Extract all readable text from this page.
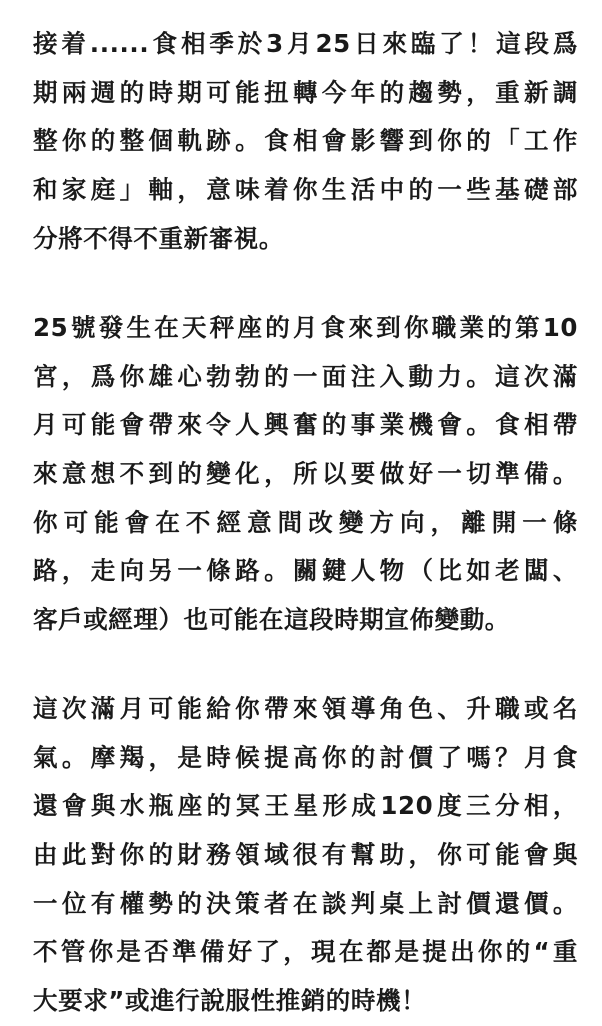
接着......食相季於3月25日來臨了！這段爲
期兩週的時期可能扭轉今年的趨勢，重新調
整你的整個軌跡。食相會影響到你的「工作
和家庭」軸，意味着你生活中的一些基礎部
分將不得不重新審視。
25號發生在天秤座的月食來到你職業的第10
宮，爲你雄心勃勃的一面注入動力。這次滿
月可能會帶來令人興奮的事業機會。食相帶
來意想不到的變化，所以要做好一切準備。
你可能會在不經意間改變方向，離開一條
路，走向另一條路。關鍵人物（比如老闆、
客戶或經理）也可能在這段時期宣佈變動。
這次滿月可能給你帶來領導角色、升職或名
氣。摩羯，是時候提高你的討價了嗎？月食
還會與水瓶座的冥王星形成120度三分相，
由此對你的財務領域很有幫助，你可能會與
一位有權勢的決策者在談判桌上討價還價。
不管你是否準備好了，現在都是提出你的“重
大要求”或進行說服性推銷的時機！
